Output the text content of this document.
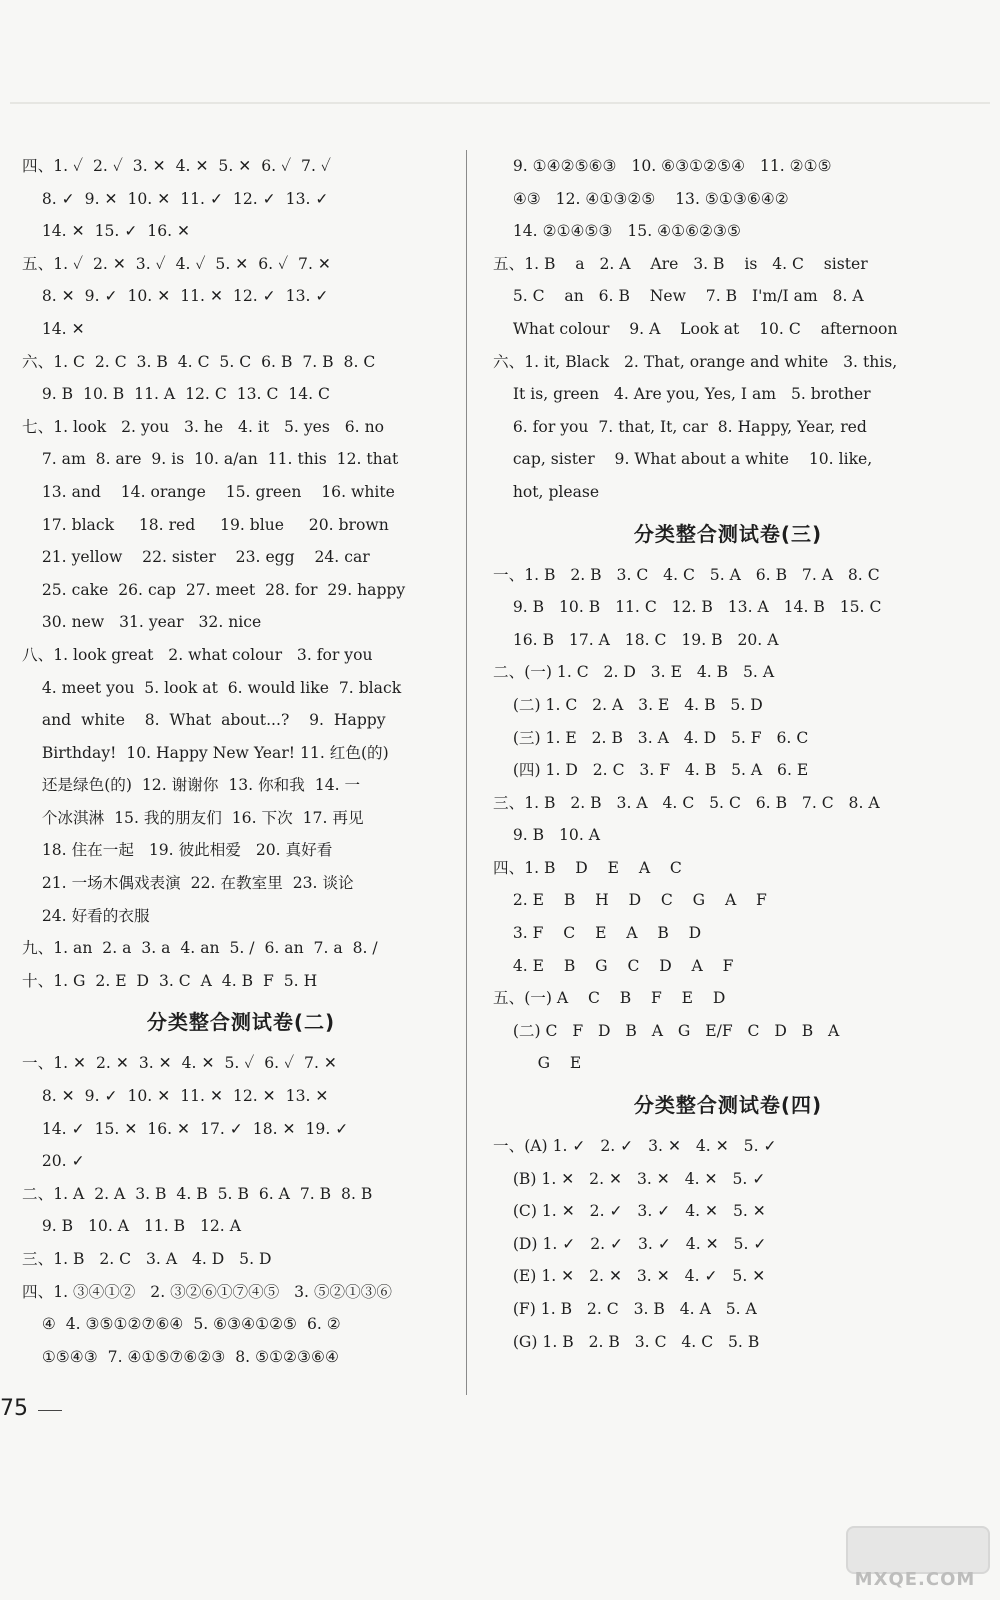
四、1. ✓  2. ✓  3. ✕  4. ✕  5. ✕  6. ✓  7. ✓
8. ✓  9. ✕  10. ✕  11. ✓  12. ✓  13. ✓
14. ✕  15. ✓  16. ✕
五、1. ✓  2. ✕  3. ✓  4. ✓  5. ✕  6. ✓  7. ✕
8. ✕  9. ✓  10. ✕  11. ✕  12. ✓  13. ✓
14. ✕
六、1. C  2. C  3. B  4. C  5. C  6. B  7. B  8. C
9. B  10. B  11. A  12. C  13. C  14. C
七、1. look   2. you   3. he   4. it   5. yes   6. no
7. am  8. are  9. is  10. a/an  11. this  12. that
13. and    14. orange    15. green    16. white
17. black     18. red     19. blue     20. brown
21. yellow    22. sister    23. egg    24. car
25. cake  26. cap  27. meet  28. for  29. happy
30. new   31. year   32. nice
八、1. look great   2. what colour   3. for you
4. meet you  5. look at  6. would like  7. black
and  white    8.  What  about...?    9.  Happy
Birthday!  10. Happy New Year! 11. 红色(的)
还是绿色(的)  12. 谢谢你  13. 你和我  14. 一
个冰淇淋  15. 我的朋友们  16. 下次  17. 再见
18. 住在一起   19. 彼此相爱   20. 真好看
21. 一场木偶戏表演  22. 在教室里  23. 谈论
24. 好看的衣服
九、1. an  2. a  3. a  4. an  5. /  6. an  7. a  8. /
十、1. G  2. E  D  3. C  A  4. B  F  5. H
分类整合测试卷(二)
一、1. ✕  2. ✕  3. ✕  4. ✕  5. ✓  6. ✓  7. ✕
8. ✕  9. ✓  10. ✕  11. ✕  12. ✕  13. ✕
14. ✓  15. ✕  16. ✕  17. ✓  18. ✕  19. ✓
20. ✓
二、1. A  2. A  3. B  4. B  5. B  6. A  7. B  8. B
9. B   10. A   11. B   12. A
三、1. B   2. C   3. A   4. D   5. D
四、1. ③④①②   2. ③②⑥①⑦④⑤   3. ⑤②①③⑥
④  4. ③⑤①②⑦⑥④  5. ⑥③④①②⑤  6. ②
①⑤④③  7. ④①⑤⑦⑥②③  8. ⑤①②③⑥④
9. ①④②⑤⑥③   10. ⑥③①②⑤④   11. ②①⑤
④③   12. ④①③②⑤    13. ⑤①③⑥④②
14. ②①④⑤③   15. ④①⑥②③⑤
五、1. B    a   2. A    Are   3. B    is   4. C    sister
5. C    an   6. B    New    7. B   I'm/I am   8. A
What colour    9. A    Look at    10. C    afternoon
六、1. it, Black   2. That, orange and white   3. this,
It is, green   4. Are you, Yes, I am   5. brother
6. for you  7. that, It, car  8. Happy, Year, red
cap, sister    9. What about a white    10. like,
hot, please
分类整合测试卷(三)
一、1. B   2. B   3. C   4. C   5. A   6. B   7. A   8. C
9. B   10. B   11. C   12. B   13. A   14. B   15. C
16. B   17. A   18. C   19. B   20. A
二、(一) 1. C   2. D   3. E   4. B   5. A
(二) 1. C   2. A   3. E   4. B   5. D
(三) 1. E   2. B   3. A   4. D   5. F   6. C
(四) 1. D   2. C   3. F   4. B   5. A   6. E
三、1. B   2. B   3. A   4. C   5. C   6. B   7. C   8. A
9. B   10. A
四、1. B    D    E    A    C
2. E    B    H    D    C    G    A    F
3. F    C    E    A    B    D
4. E    B    G    C    D    A    F
五、(一) A    C    B    F    E    D
(二) C   F   D   B   A   G   E/F   C   D   B   A
G    E
分类整合测试卷(四)
一、(A) 1. ✓   2. ✓   3. ✕   4. ✕   5. ✓
(B) 1. ✕   2. ✕   3. ✕   4. ✕   5. ✓
(C) 1. ✕   2. ✓   3. ✓   4. ✕   5. ✕
(D) 1. ✓   2. ✓   3. ✓   4. ✕   5. ✓
(E) 1. ✕   2. ✕   3. ✕   4. ✓   5. ✕
(F) 1. B   2. C   3. B   4. A   5. A
(G) 1. B   2. B   3. C   4. C   5. B
75
MXQE.COM
